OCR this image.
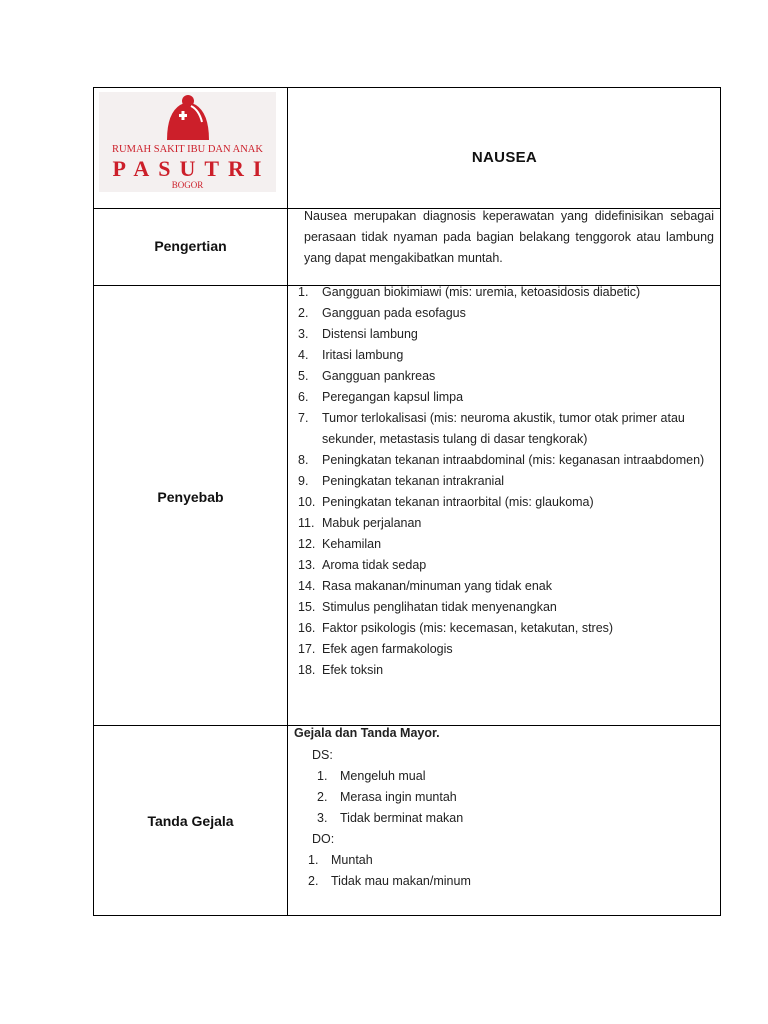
RUMAH SAKIT IBU DAN ANAK
PASUTRI
BOGOR
NAUSEA
Pengertian
Nausea merupakan diagnosis keperawatan yang didefinisikan sebagai perasaan tidak nyaman pada bagian belakang tenggorok atau lambung yang dapat mengakibatkan muntah.
Penyebab
1. Gangguan biokimiawi (mis: uremia, ketoasidosis diabetic)
2. Gangguan pada esofagus
3. Distensi lambung
4. Iritasi lambung
5. Gangguan pankreas
6. Peregangan kapsul limpa
7. Tumor terlokalisasi (mis: neuroma akustik, tumor otak primer atau sekunder, metastasis tulang di dasar tengkorak)
8. Peningkatan tekanan intraabdominal (mis: keganasan intraabdomen)
9. Peningkatan tekanan intrakranial
10. Peningkatan tekanan intraorbital (mis: glaukoma)
11. Mabuk perjalanan
12. Kehamilan
13. Aroma tidak sedap
14. Rasa makanan/minuman yang tidak enak
15. Stimulus penglihatan tidak menyenangkan
16. Faktor psikologis (mis: kecemasan, ketakutan, stres)
17. Efek agen farmakologis
18. Efek toksin
Tanda Gejala
Gejala dan Tanda Mayor.
DS:
1. Mengeluh mual
2. Merasa ingin muntah
3. Tidak berminat makan
DO:
1. Muntah
2. Tidak mau makan/minum
